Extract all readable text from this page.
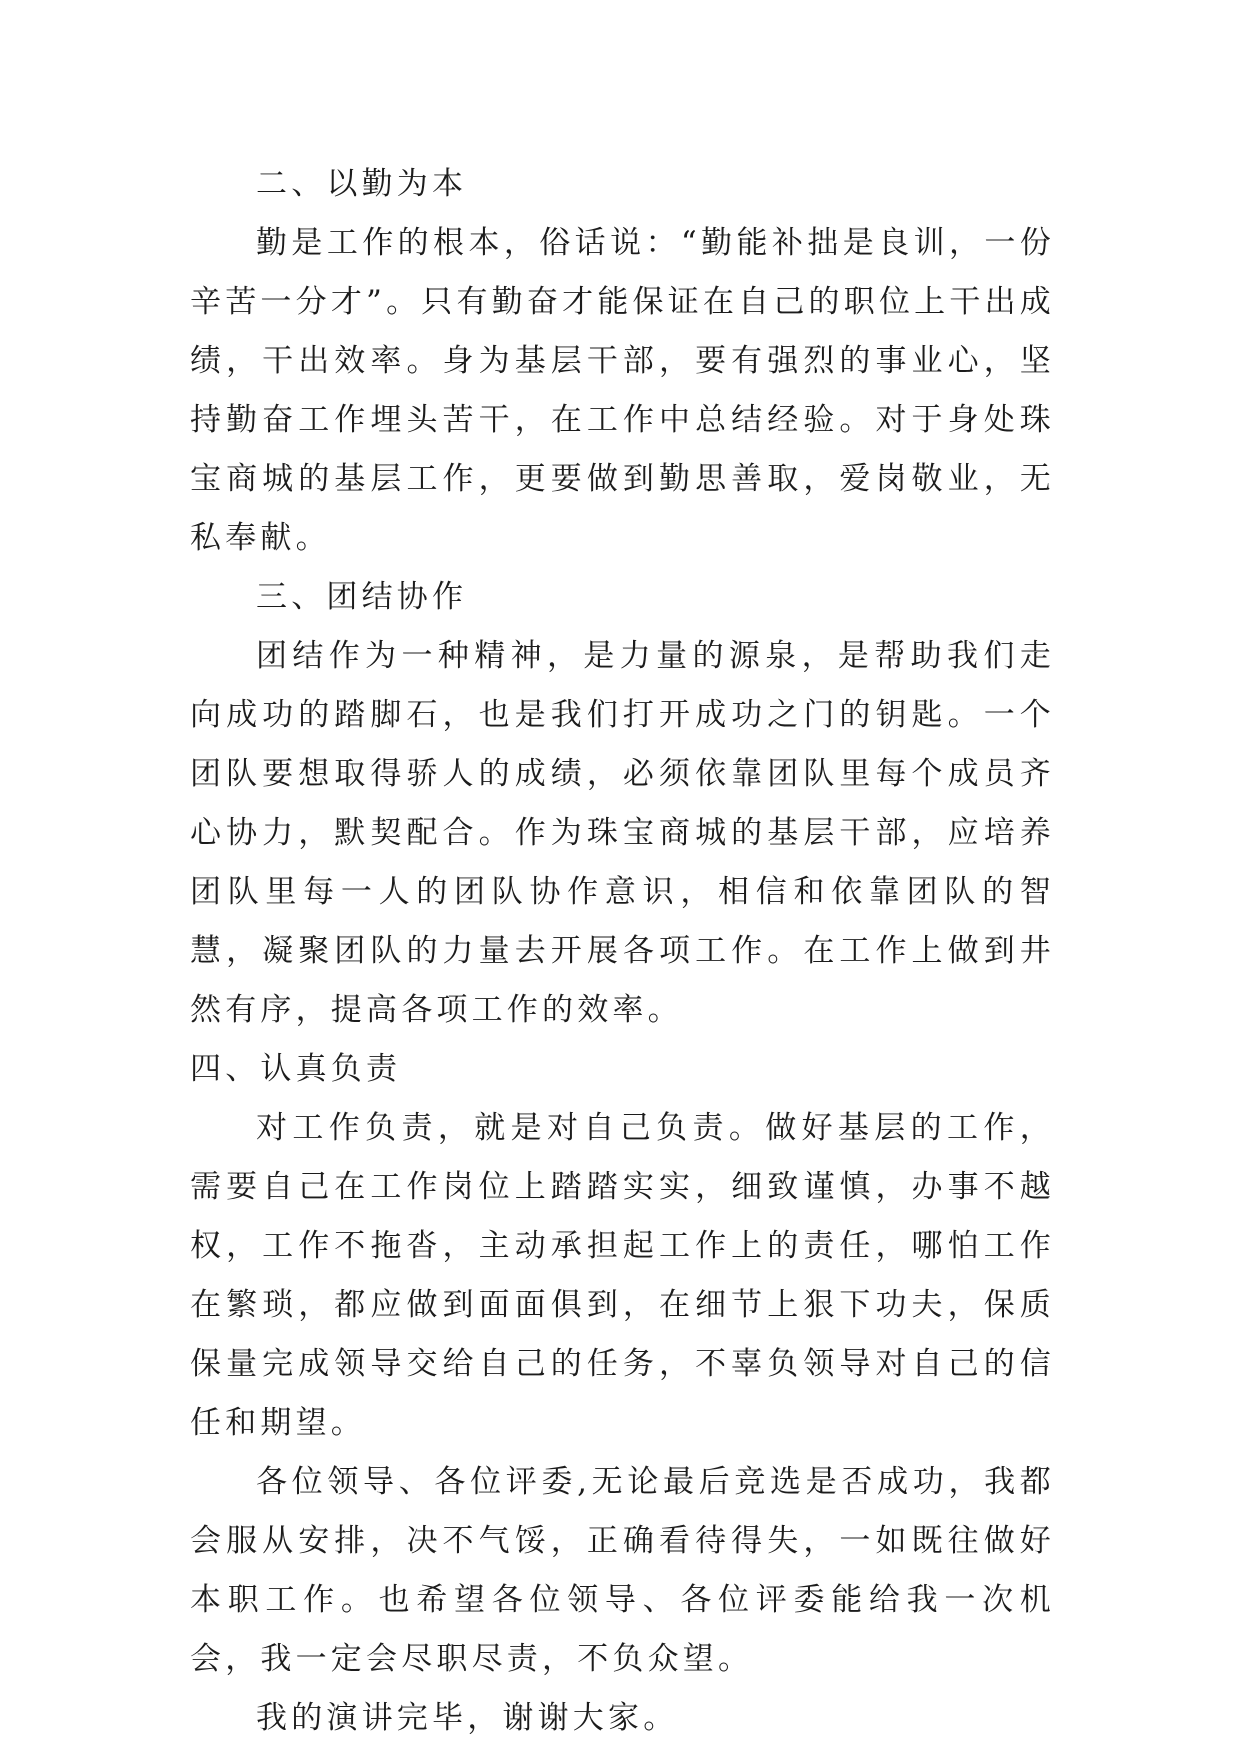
二、以勤为本

勤是工作的根本，俗话说：“勤能补拙是良训，一份辛苦一分才”。只有勤奋才能保证在自己的职位上干出成绩，干出效率。身为基层干部，要有强烈的事业心，坚持勤奋工作埋头苦干，在工作中总结经验。对于身处珠宝商城的基层工作，更要做到勤思善取，爱岗敬业，无私奉献。

三、团结协作

团结作为一种精神，是力量的源泉，是帮助我们走向成功的踏脚石，也是我们打开成功之门的钥匙。一个团队要想取得骄人的成绩，必须依靠团队里每个成员齐心协力，默契配合。作为珠宝商城的基层干部，应培养团队里每一人的团队协作意识，相信和依靠团队的智慧，凝聚团队的力量去开展各项工作。在工作上做到井然有序，提高各项工作的效率。

四、认真负责

对工作负责，就是对自己负责。做好基层的工作，需要自己在工作岗位上踏踏实实，细致谨慎，办事不越权，工作不拖沓，主动承担起工作上的责任，哪怕工作在繁琐，都应做到面面俱到，在细节上狠下功夫，保质保量完成领导交给自己的任务，不辜负领导对自己的信任和期望。

各位领导、各位评委,无论最后竞选是否成功，我都会服从安排，决不气馁，正确看待得失，一如既往做好本职工作。也希望各位领导、各位评委能给我一次机会，我一定会尽职尽责，不负众望。

我的演讲完毕，谢谢大家。
